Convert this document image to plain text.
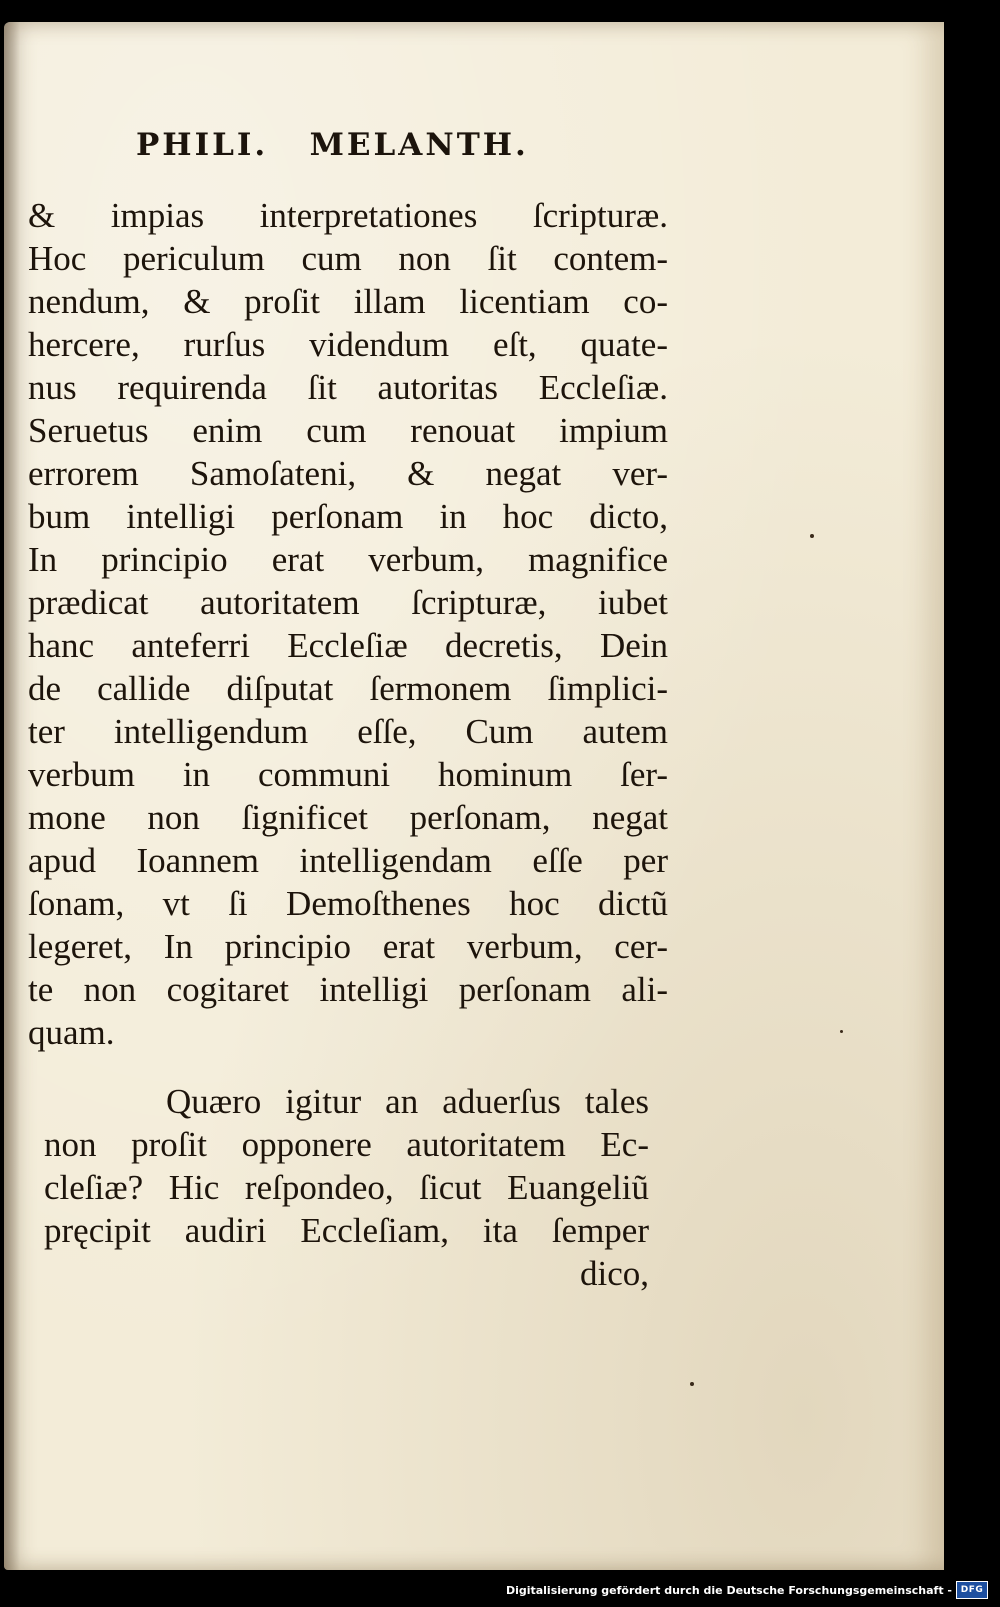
PHILI.   MELANTH.
& impias interpretationes ſcripturæ.
Hoc periculum cum non ſit contem-
nendum, & proſit illam licentiam co-
hercere, rurſus videndum eſt, quate-
nus requirenda ſit autoritas Eccleſiæ.
Seruetus enim cum renouat impium
errorem Samoſateni, & negat ver-
bum intelligi perſonam in hoc dicto,
In principio erat verbum, magnifice
prædicat autoritatem ſcripturæ, iubet
hanc anteferri Eccleſiæ decretis, Dein
de callide diſputat ſermonem ſimplici-
ter intelligendum eſſe, Cum autem
verbum in communi hominum ſer-
mone non ſignificet perſonam, negat
apud Ioannem intelligendam eſſe per
ſonam, vt ſi Demoſthenes hoc dictũ
legeret, In principio erat verbum, cer-
te non cogitaret intelligi perſonam ali-
quam.
Quæro igitur an aduerſus tales
non proſit opponere autoritatem Ec-
cleſiæ? Hic reſpondeo, ſicut Euangeliũ
pręcipit audiri Eccleſiam, ita ſemper
dico,
Digitalisierung gefördert durch die Deutsche Forschungsgemeinschaft - DFG
